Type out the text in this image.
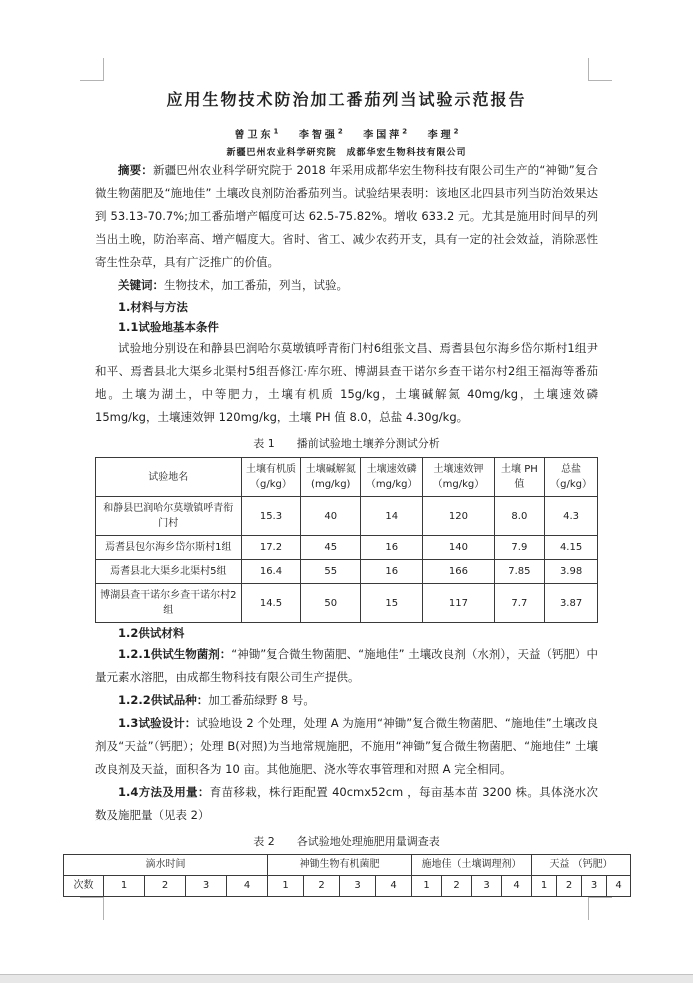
应用生物技术防治加工番茄列当试验示范报告
曾卫东$^1$ 李智强$^2$ 李国萍$^2$ 李理$^2$
新疆巴州农业科学研究院　成都华宏生物科技有限公司

摘要：新疆巴州农业科学研究院于 2018 年采用成都华宏生物科技有限公司生产的“神锄”复合微生物菌肥及“施地佳” 土壤改良剂防治番茄列当。试验结果表明：该地区北四县市列当防治效果达到 53.13-70.7%;加工番茄增产幅度可达 62.5-75.82%。增收 633.2 元。尤其是施用时间早的列当出土晚，防治率高、增产幅度大。省时、省工、减少农药开支，具有一定的社会效益，消除恶性寄生性杂草，具有广泛推广的价值。

关键词：生物技术，加工番茄，列当，试验。

1.材料与方法
1.1试验地基本条件

试验地分别设在和静县巴润哈尔莫墩镇呼青衔门村6组张文昌、焉耆县包尔海乡岱尔斯村1组尹和平、焉耆县北大渠乡北渠村5组吾修江·库尔班、博湖县查干诺尔乡查干诺尔村2组王福海等番茄地。土壤为湖土，中等肥力，土壤有机质 15g/kg，土壤碱解氮 40mg/kg，土壤速效磷 15mg/kg，土壤速效钾 120mg/kg，土壤 PH 值 8.0，总盐 4.30g/kg。

表 1　　播前试验地土壤养分测试分析
试验地名	土壤有机质（g/kg）	土壤碱解氮(mg/kg)	土壤速效磷（mg/kg）	土壤速效钾（mg/kg）	土壤 PH 值	总盐（g/kg）
和静县巴润哈尔莫墩镇呼青衔门村	15.3	40	14	120	8.0	4.3
焉耆县包尔海乡岱尔斯村1组	17.2	45	16	140	7.9	4.15
焉耆县北大渠乡北渠村5组	16.4	55	16	166	7.85	3.98
博湖县查干诺尔乡查干诺尔村2组	14.5	50	15	117	7.7	3.87
1.2供试材料

1.2.1供试生物菌剂：“神锄”复合微生物菌肥、“施地佳” 土壤改良剂（水剂），天益（钙肥）中量元素水溶肥，由成都生物科技有限公司生产提供。

1.2.2供试品种：加工番茄绿野 8 号。

1.3试验设计：试验地设 2 个处理，处理 A 为施用“神锄”复合微生物菌肥、“施地佳”土壤改良剂及“天益”（钙肥）；处理 B(对照)为当地常规施肥，不施用“神锄”复合微生物菌肥、“施地佳” 土壤改良剂及天益，面积各为 10 亩。其他施肥、浇水等农事管理和对照 A 完全相同。

1.4方法及用量：育苗移栽，株行距配置 40cmx52cm ，每亩基本苗 3200 株。具体浇水次数及施肥量（见表 2）

表 2　　各试验地处理施肥用量调查表
滴水时间					神锄生物有机菌肥				施地佳（土壤调理剂）				天益 （钙肥）			
次数	1	2	3	4	1	2	3	4	1	2	3	4	1	2	3	4
